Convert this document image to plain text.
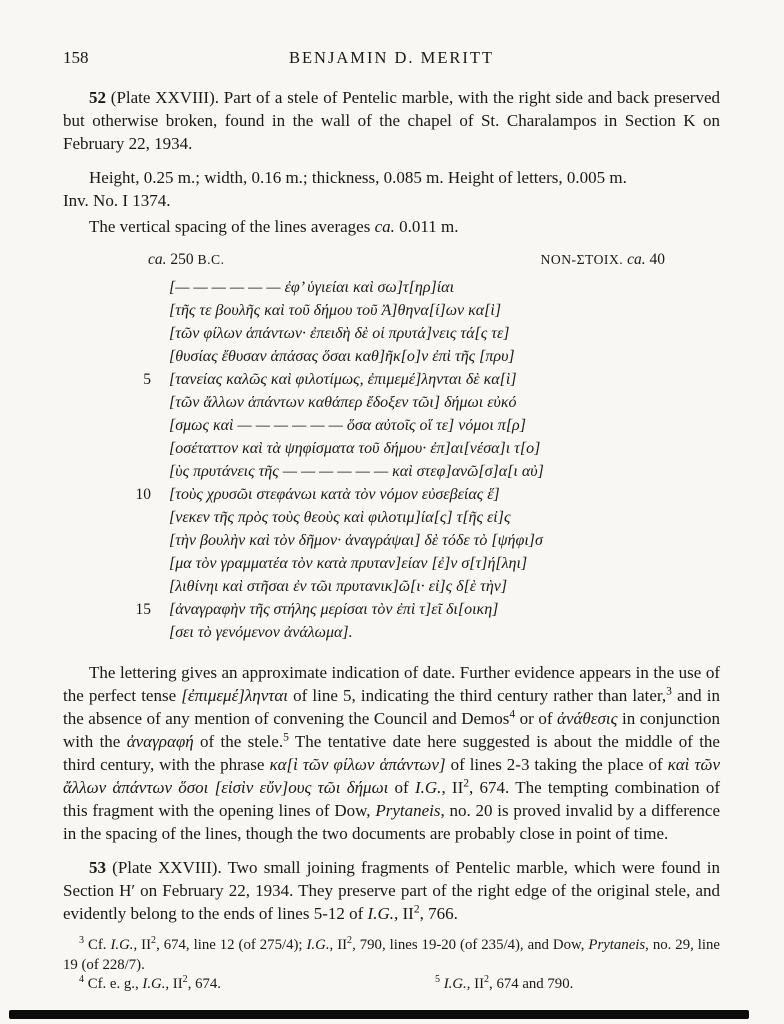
158	BENJAMIN D. MERITT

52 (Plate XXVIII). Part of a stele of Pentelic marble, with the right side and back preserved but otherwise broken, found in the wall of the chapel of St. Charalampos in Section Κ on February 22, 1934.

Height, 0.25 m.; width, 0.16 m.; thickness, 0.085 m. Height of letters, 0.005 m.
Inv. No. I 1374.

The vertical spacing of the lines averages ca. 0.011 m.

ca. 250 B.C.	ΝΟΝ-ΣΤΟΙΧ. ca. 40
[— — — — — — ἐφ’ ὑγιείαι καὶ σω]τ[ηρ]ίαι
[τῆς τε βουλῆς καὶ τοῦ δήμου τοῦ Ἀ]θηνα[ί]ων κα[ὶ]
[τῶν φίλων ἁπάντων· ἐπειδὴ δὲ οἱ πρυτά]νεις τά[ς τε]
[θυσίας ἔθυσαν ἁπάσας ὅσαι καθ]ῆκ[ο]ν ἐπὶ τῆς [πρυ]
5 [τανείας καλῶς καὶ φιλοτίμως, ἐπιμεμέ]ληνται δὲ κα[ὶ]
[τῶν ἄλλων ἁπάντων καθάπερ ἔδοξεν τῶι] δήμωι εὐκό
[σμως καὶ — — — — — — ὅσα αὐτοῖς οἵ τε] νόμοι π[ρ]
[οσέταττον καὶ τὰ ψηφίσματα τοῦ δήμου· ἐπ]αι[νέσα]ι τ[ο]
[ὺς πρυτάνεις τῆς — — — — — — καὶ στεφ]ανῶ[σ]α[ι αὐ]
10 [τοὺς χρυσῶι στεφάνωι κατὰ τὸν νόμον εὐσεβείας ἕ]
[νεκεν τῆς πρὸς τοὺς θεοὺς καὶ φιλοτιμ]ία[ς] τ[ῆς εἰ]ς
[τὴν βουλὴν καὶ τὸν δῆμον· ἀναγράψαι] δὲ τόδε τὸ [ψήφι]σ
[μα τὸν γραμματέα τὸν κατὰ πρυταν]είαν [ἐ]ν σ[τ]ή[ληι]
[λιθίνηι καὶ στῆσαι ἐν τῶι πρυτανικ]ῶ[ι· εἰ]ς δ[ὲ τὴν]
15 [ἀναγραφὴν τῆς στήλης μερίσαι τὸν ἐπὶ τ]εῖ δι[οικη]
[σει τὸ γενόμενον ἀνάλωμα].

The lettering gives an approximate indication of date. Further evidence appears in the use of the perfect tense [ἐπιμεμέ]ληνται of line 5, indicating the third century rather than later,$^3$ and in the absence of any mention of convening the Council and Demos$^4$ or of ἀνάθεσις in conjunction with the ἀναγραφή of the stele.$^5$ The tentative date here suggested is about the middle of the third century, with the phrase κα[ὶ τῶν φίλων ἁπάντων] of lines 2-3 taking the place of καὶ τῶν ἄλλων ἁπάντων ὅσοι [εἰσὶν εὔν]ους τῶι δήμωι of I.G., $II^2$, 674. The tempting combination of this fragment with the opening lines of Dow, Prytaneis, no. 20 is proved invalid by a difference in the spacing of the lines, though the two documents are probably close in point of time.

53 (Plate XXVIII). Two small joining fragments of Pentelic marble, which were found in Section Η′ on February 22, 1934. They preserve part of the right edge of the original stele, and evidently belong to the ends of lines 5-12 of I.G., $II^2$, 766.

$^3$ Cf. I.G., $II^2$, 674, line 12 (of 275/4); I.G., $II^2$, 790, lines 19-20 (of 235/4), and Dow, Prytaneis, no. 29, line 19 (of 228/7).

$^4$ Cf. e. g., I.G., $II^2$, 674.	$^5$ I.G., $II^2$, 674 and 790.
